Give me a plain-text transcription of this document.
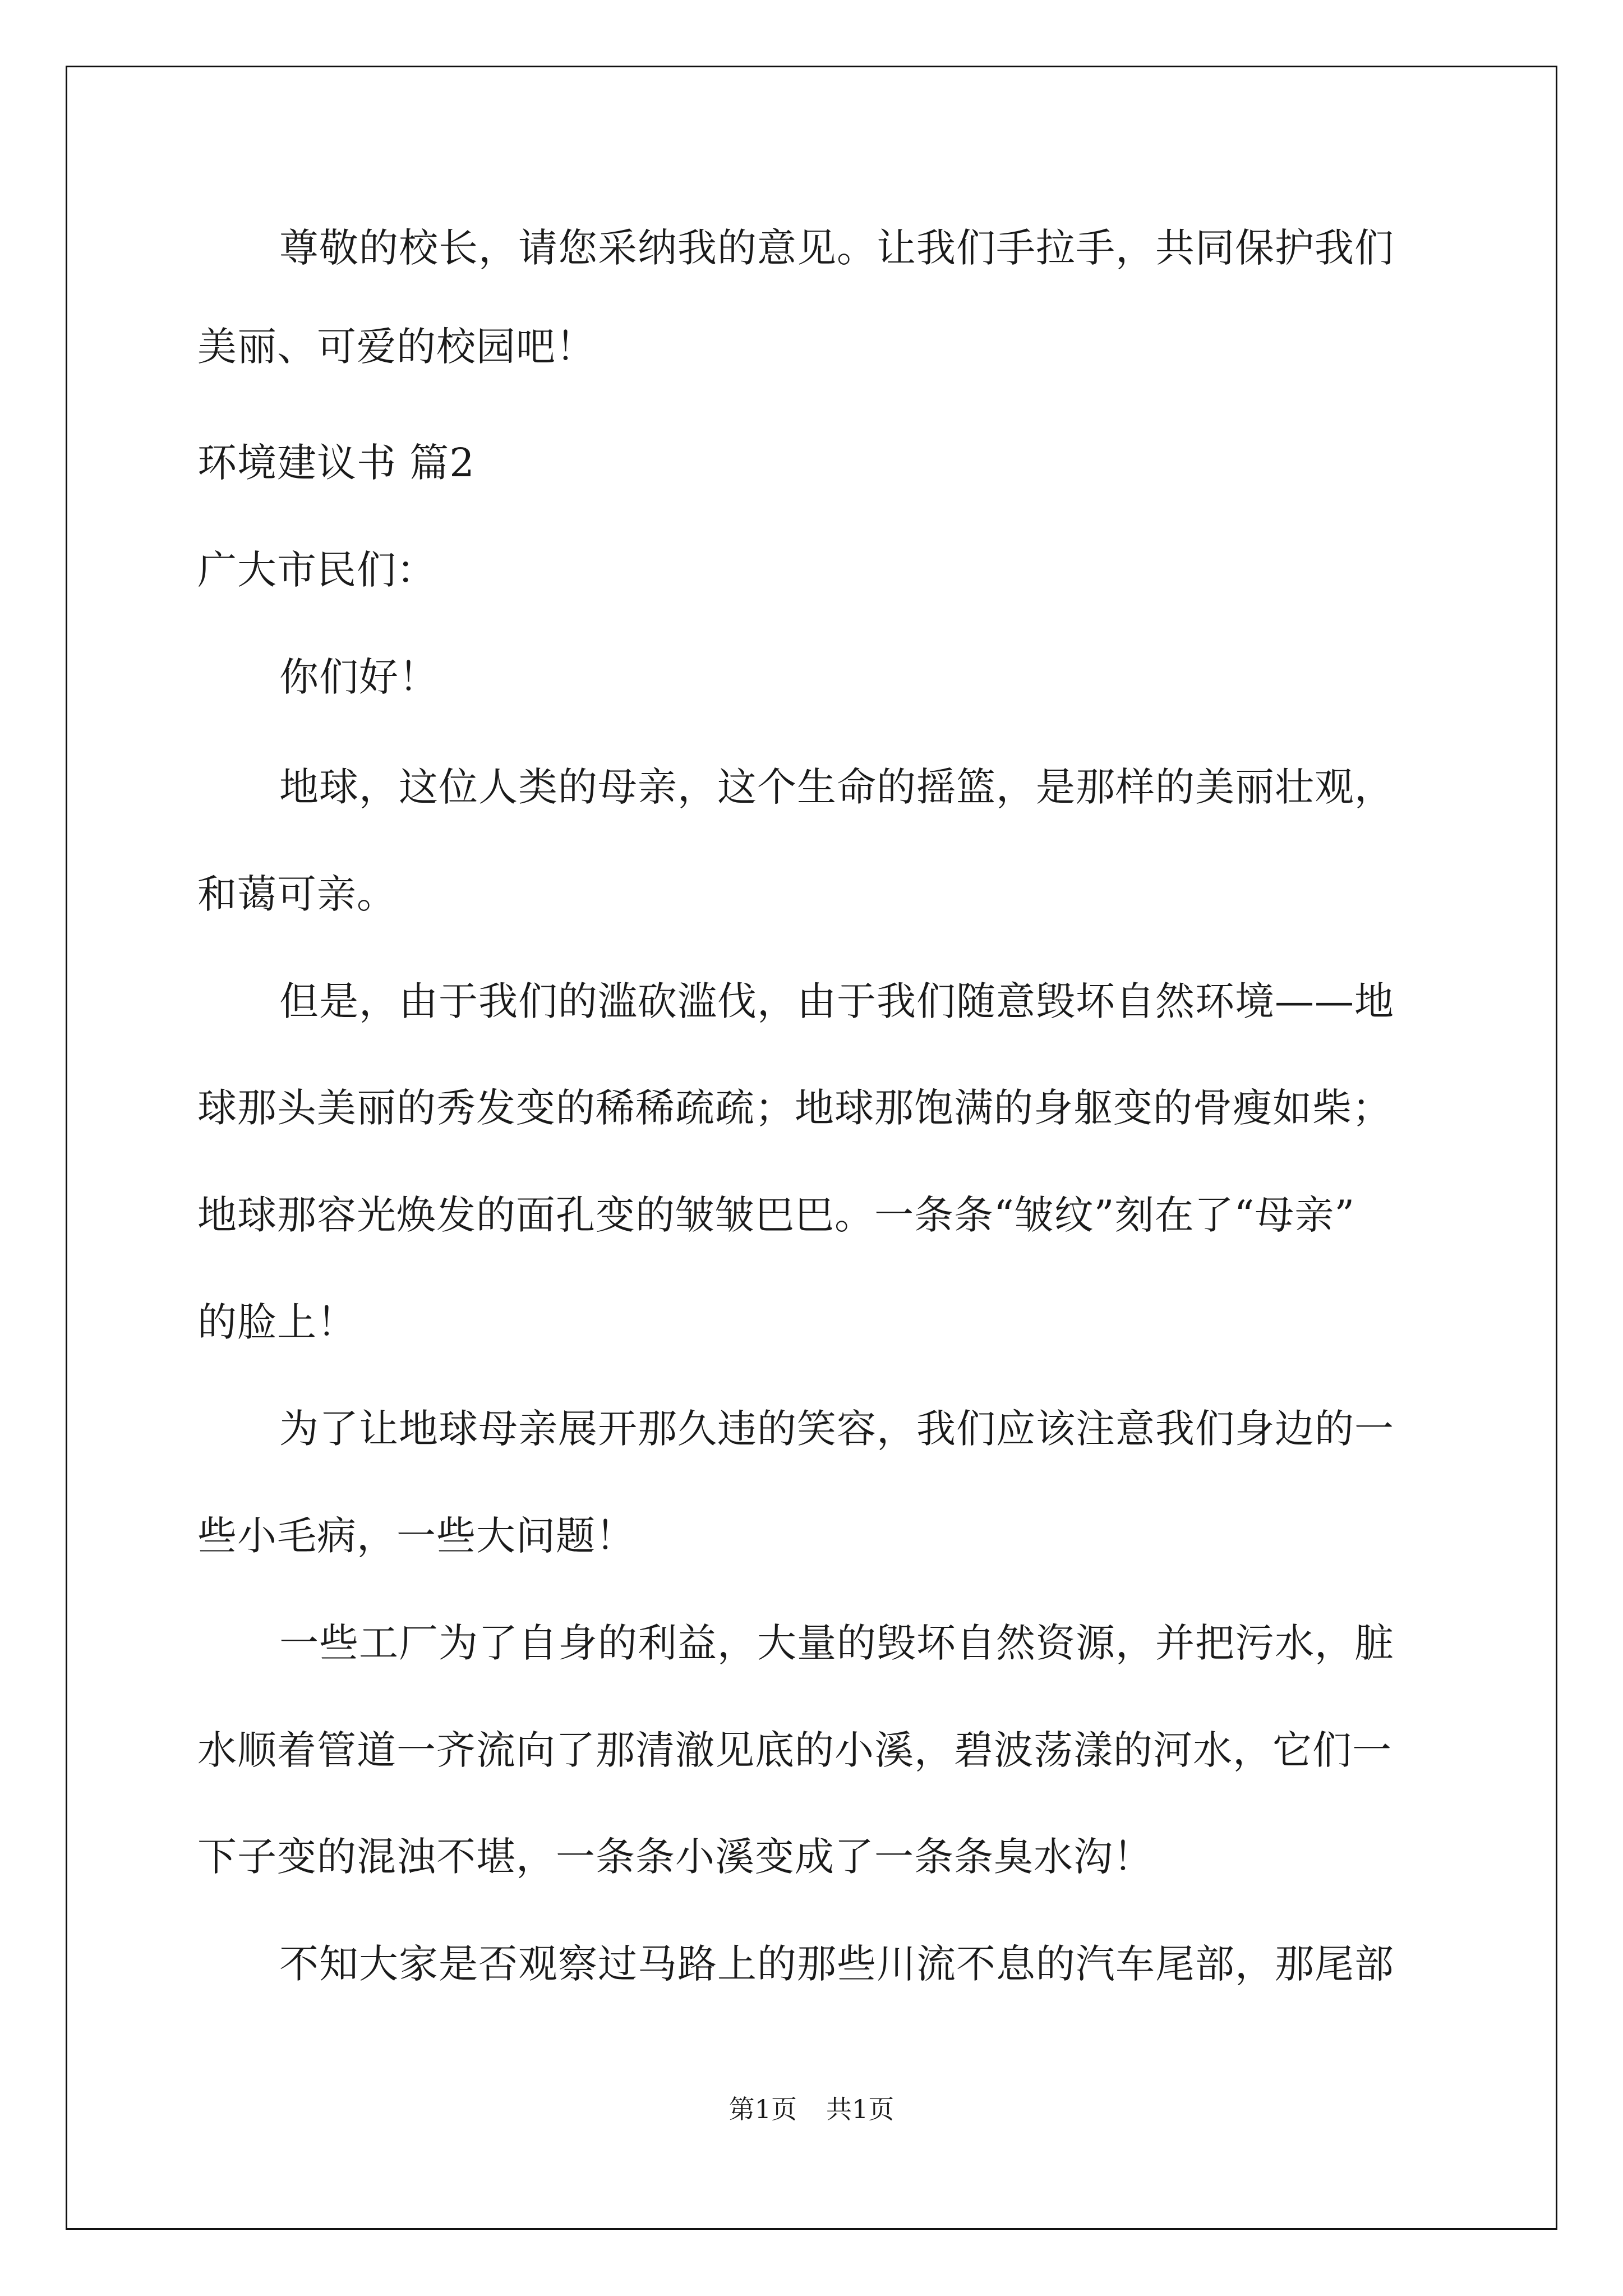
尊敬的校长，请您采纳我的意见。让我们手拉手，共同保护我们
美丽、可爱的校园吧！
环境建议书 篇2
广大市民们：
你们好！
地球，这位人类的母亲，这个生命的摇篮，是那样的美丽壮观，
和蔼可亲。
但是，由于我们的滥砍滥伐，由于我们随意毁坏自然环境——地
球那头美丽的秀发变的稀稀疏疏；地球那饱满的身躯变的骨瘦如柴；
地球那容光焕发的面孔变的皱皱巴巴。一条条“皱纹”刻在了“母亲”
的脸上！
为了让地球母亲展开那久违的笑容，我们应该注意我们身边的一
些小毛病，一些大问题！
一些工厂为了自身的利益，大量的毁坏自然资源，并把污水，脏
水顺着管道一齐流向了那清澈见底的小溪，碧波荡漾的河水，它们一
下子变的混浊不堪，一条条小溪变成了一条条臭水沟！
不知大家是否观察过马路上的那些川流不息的汽车尾部，那尾部
第1页 共1页
